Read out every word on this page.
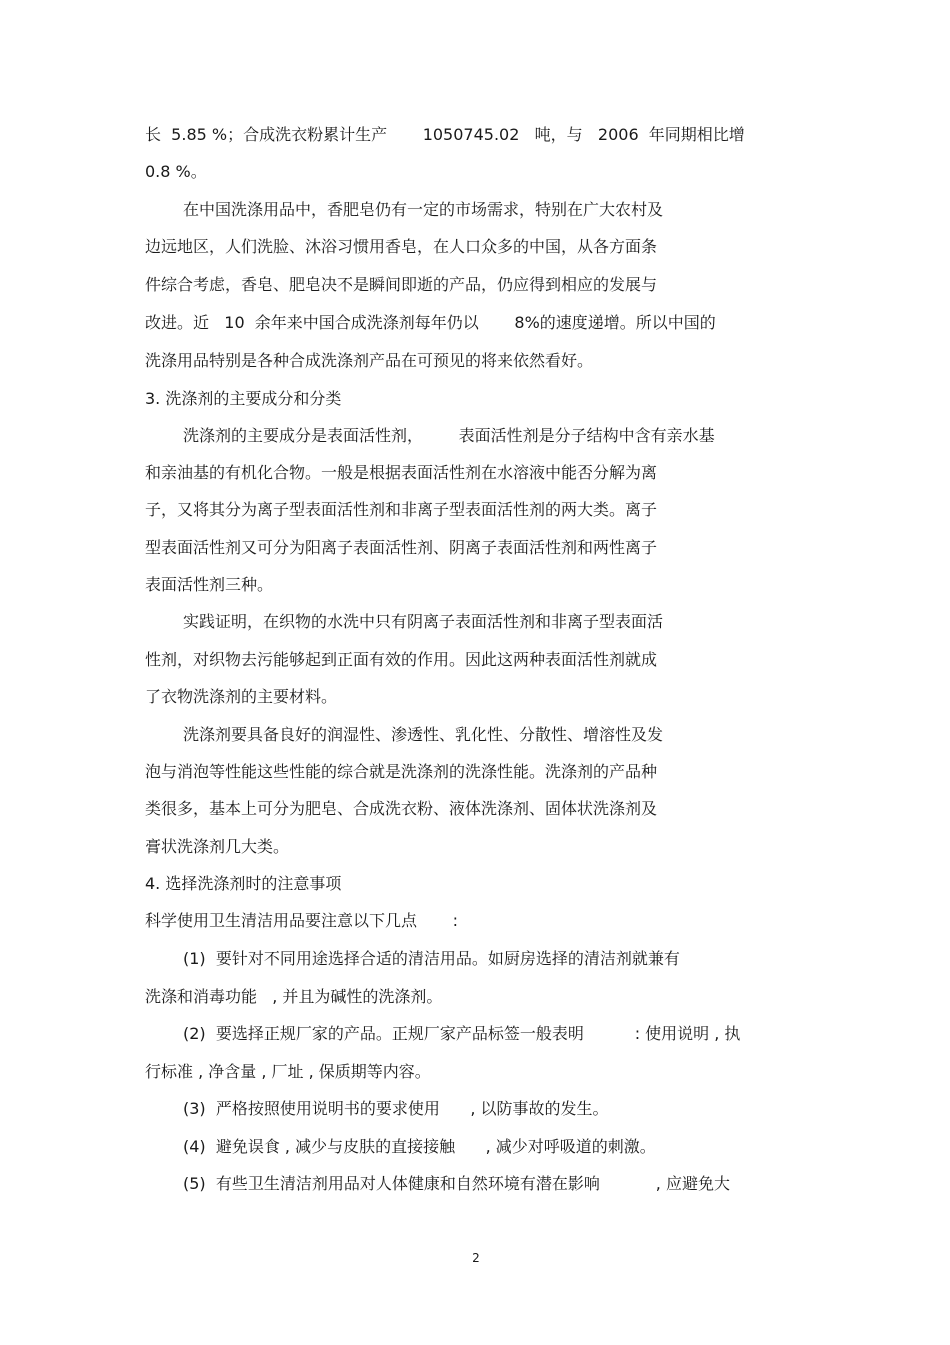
长  5.85 %；合成洗衣粉累计生产       1050745.02   吨，与   2006  年同期相比增
0.8 %。
在中国洗涤用品中，香肥皂仍有一定的市场需求，特别在广大农村及
边远地区，人们洗脸、沐浴习惯用香皂，在人口众多的中国，从各方面条
件综合考虑，香皂、肥皂决不是瞬间即逝的产品，仍应得到相应的发展与
改进。近   10  余年来中国合成洗涤剂每年仍以       8%的速度递增。所以中国的
洗涤用品特别是各种合成洗涤剂产品在可预见的将来依然看好。
3. 洗涤剂的主要成分和分类
洗涤剂的主要成分是表面活性剂，       表面活性剂是分子结构中含有亲水基
和亲油基的有机化合物。一般是根据表面活性剂在水溶液中能否分解为离
子，又将其分为离子型表面活性剂和非离子型表面活性剂的两大类。离子
型表面活性剂又可分为阳离子表面活性剂、阴离子表面活性剂和两性离子
表面活性剂三种。
实践证明，在织物的水洗中只有阴离子表面活性剂和非离子型表面活
性剂，对织物去污能够起到正面有效的作用。因此这两种表面活性剂就成
了衣物洗涤剂的主要材料。
洗涤剂要具备良好的润湿性、渗透性、乳化性、分散性、增溶性及发
泡与消泡等性能这些性能的综合就是洗涤剂的洗涤性能。洗涤剂的产品种
类很多，基本上可分为肥皂、合成洗衣粉、液体洗涤剂、固体状洗涤剂及
膏状洗涤剂几大类。
4. 选择洗涤剂时的注意事项
科学使用卫生清洁用品要注意以下几点       :
(1)  要针对不同用途选择合适的清洁用品。如厨房选择的清洁剂就兼有
洗涤和消毒功能   , 并且为碱性的洗涤剂。
(2)  要选择正规厂家的产品。正规厂家产品标签一般表明          : 使用说明 , 执
行标准 , 净含量 , 厂址 , 保质期等内容。
(3)  严格按照使用说明书的要求使用      , 以防事故的发生。
(4)  避免误食 , 减少与皮肤的直接接触      , 减少对呼吸道的刺激。
(5)  有些卫生清洁剂用品对人体健康和自然环境有潜在影响           , 应避免大
2
